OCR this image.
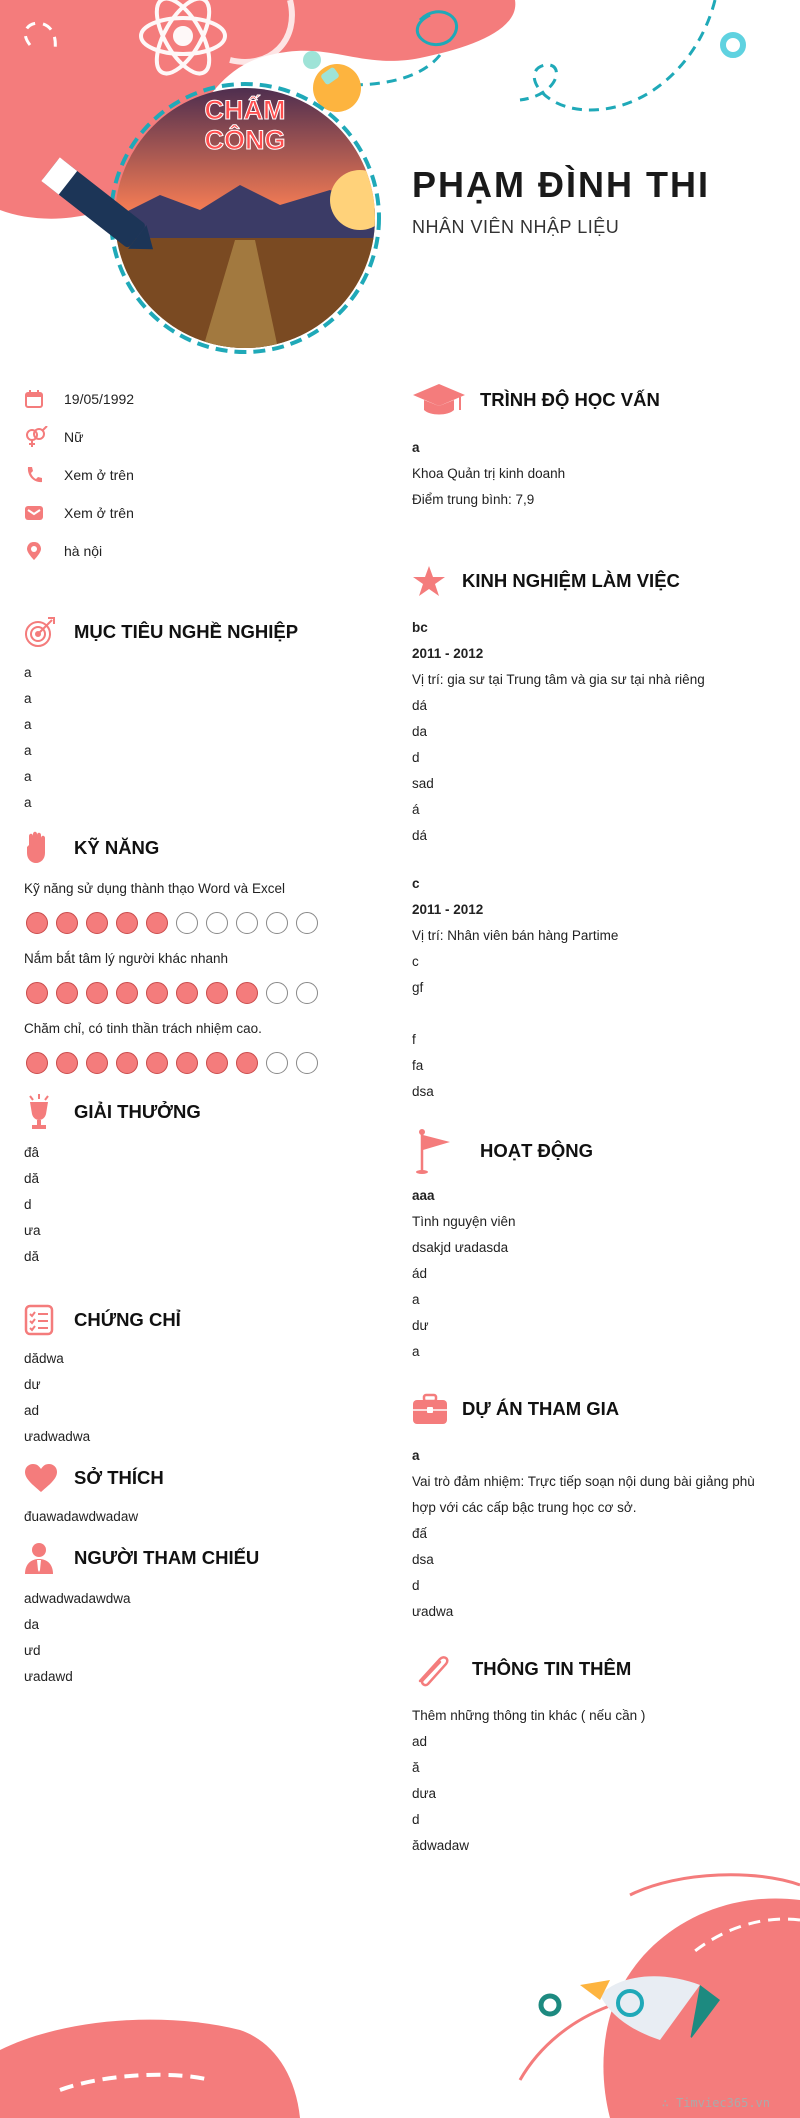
CHẤM CÔNG
PHẠM ĐÌNH THI
NHÂN VIÊN NHẬP LIỆU
19/05/1992
Nữ
Xem ở trên
Xem ở trên
hà nội
MỤC TIÊU NGHỀ NGHIỆP
a
a
a
a
a
a
KỸ NĂNG
Kỹ năng sử dụng thành thạo Word và Excel
Nắm bắt tâm lý người khác nhanh
Chăm chỉ, có tinh thần trách nhiệm cao.
GIẢI THƯỞNG
đâ
dă
d
ưa
dă
CHỨNG CHỈ
dădwa
dư
ad
ưadwadwa
SỞ THÍCH
đuawadawdwadaw
NGƯỜI THAM CHIẾU
adwadwadawdwa
da
ưd
ưadawd
TRÌNH ĐỘ HỌC VẤN
a
Khoa Quản trị kinh doanh
Điểm trung bình: 7,9
KINH NGHIỆM LÀM VIỆC
bc
2011 - 2012
Vị trí: gia sư tại Trung tâm và gia sư tại nhà riêng
dá
da
d
sad
á
dá
c
2011 - 2012
Vị trí: Nhân viên bán hàng Partime
c
gf
f
fa
dsa
HOẠT ĐỘNG
aaa
Tình nguyện viên
dsakjd ưadasda
ád
a
dư
a
DỰ ÁN THAM GIA
a
Vai trò đảm nhiệm: Trực tiếp soạn nội dung bài giảng phù
hợp với các cấp bậc trung học cơ sở.
đấ
dsa
d
ưadwa
THÔNG TIN THÊM
Thêm những thông tin khác ( nếu cần )
ad
ă
dưa
d
ădwadaw
∴ Timviec365.vn
